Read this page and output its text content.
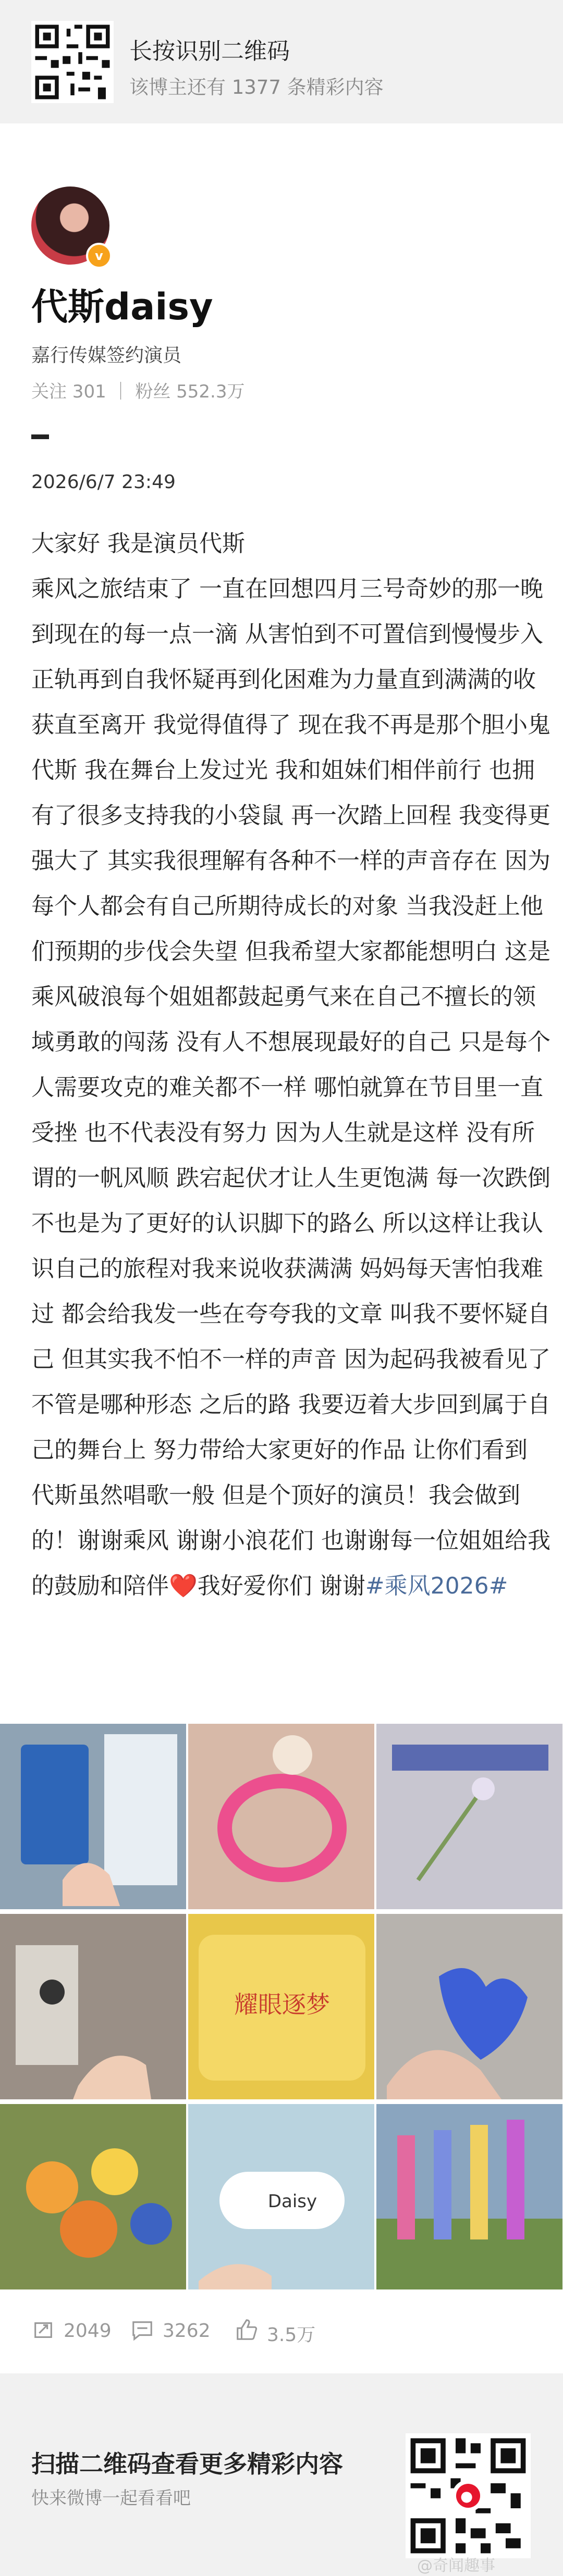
长按识别二维码
该博主还有 1377 条精彩内容
v
代斯daisy
嘉行传媒签约演员
关注 301 ｜ 粉丝 552.3万
2026/6/7 23:49

大家好 我是演员代斯

乘风之旅结束了 一直在回想四月三号奇妙的那一晚到现在的每一点一滴 从害怕到不可置信到慢慢步入正轨再到自我怀疑再到化困难为力量直到满满的收获直至离开 我觉得值得了 现在我不再是那个胆小鬼代斯 我在舞台上发过光 我和姐妹们相伴前行 也拥有了很多支持我的小袋鼠 再一次踏上回程 我变得更强大了 其实我很理解有各种不一样的声音存在 因为每个人都会有自己所期待成长的对象 当我没赶上他们预期的步伐会失望 但我希望大家都能想明白 这是乘风破浪每个姐姐都鼓起勇气来在自己不擅长的领域勇敢的闯荡 没有人不想展现最好的自己 只是每个人需要攻克的难关都不一样 哪怕就算在节目里一直受挫 也不代表没有努力 因为人生就是这样 没有所谓的一帆风顺 跌宕起伏才让人生更饱满 每一次跌倒 不也是为了更好的认识脚下的路么 所以这样让我认识自己的旅程对我来说收获满满 妈妈每天害怕我难过 都会给我发一些在夸夸我的文章 叫我不要怀疑自己 但其实我不怕不一样的声音 因为起码我被看见了 不管是哪种形态 之后的路 我要迈着大步回到属于自己的舞台上 努力带给大家更好的作品 让你们看到 代斯虽然唱歌一般 但是个顶好的演员！我会做到的！谢谢乘风 谢谢小浪花们 也谢谢每一位姐姐给我的鼓励和陪伴❤️我好爱你们 谢谢#乘风2026#

耀眼逐梦
Daisy
2049	3262	3.5万
扫描二维码查看更多精彩内容
快来微博一起看看吧
@奇闻趣事
